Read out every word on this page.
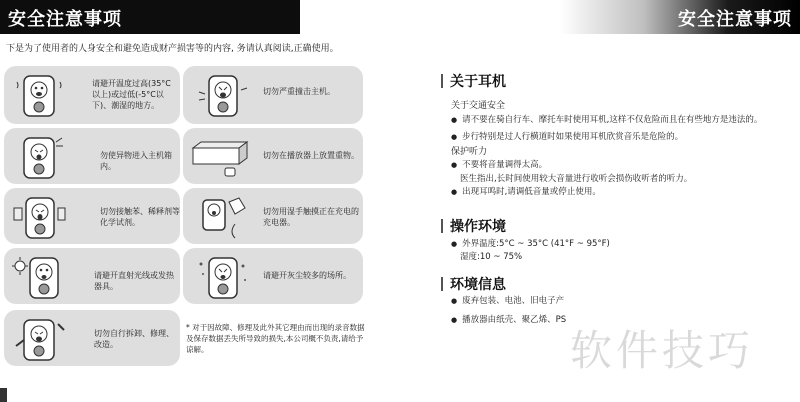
安全注意事项	安全注意事项
下是为了使用者的人身安全和避免造成财产损害等的内容, 务请认真阅读,正确使用。
请避开温度过高(35°C以上)或过低(-5°C以下)、潮湿的地方。
勿使异物进入主机箱内。
切勿接触苯、稀释剂等化学试剂。
请避开直射光线或发热器具。
切勿自行拆卸、修理、改造。
切勿严重撞击主机。
切勿在播放器上放置重物。
切勿用湿手触摸正在充电的充电器。
请避开灰尘较多的场所。
* 对于因故障、修理及此外其它理由而出现的录音数据及保存数据丢失所导致的损失,本公司概不负责,请给予谅解。
关于耳机
关于交通安全
● 请不要在骑自行车、摩托车时使用耳机,这样不仅危险而且在有些地方是违法的。
● 步行特别是过人行横道时如果使用耳机欣赏音乐是危险的。
保护听力
● 不要将音量调得太高。
医生指出,长时间使用较大音量进行收听会损伤收听者的听力。
● 出现耳鸣时,请调低音量或停止使用。
操作环境
● 外界温度:5°C ~ 35°C (41°F ~ 95°F)
湿度:10 ~ 75%
环境信息
● 废弃包装、电池、旧电子产
● 播放器由纸壳、聚乙烯、PS
软件技巧
